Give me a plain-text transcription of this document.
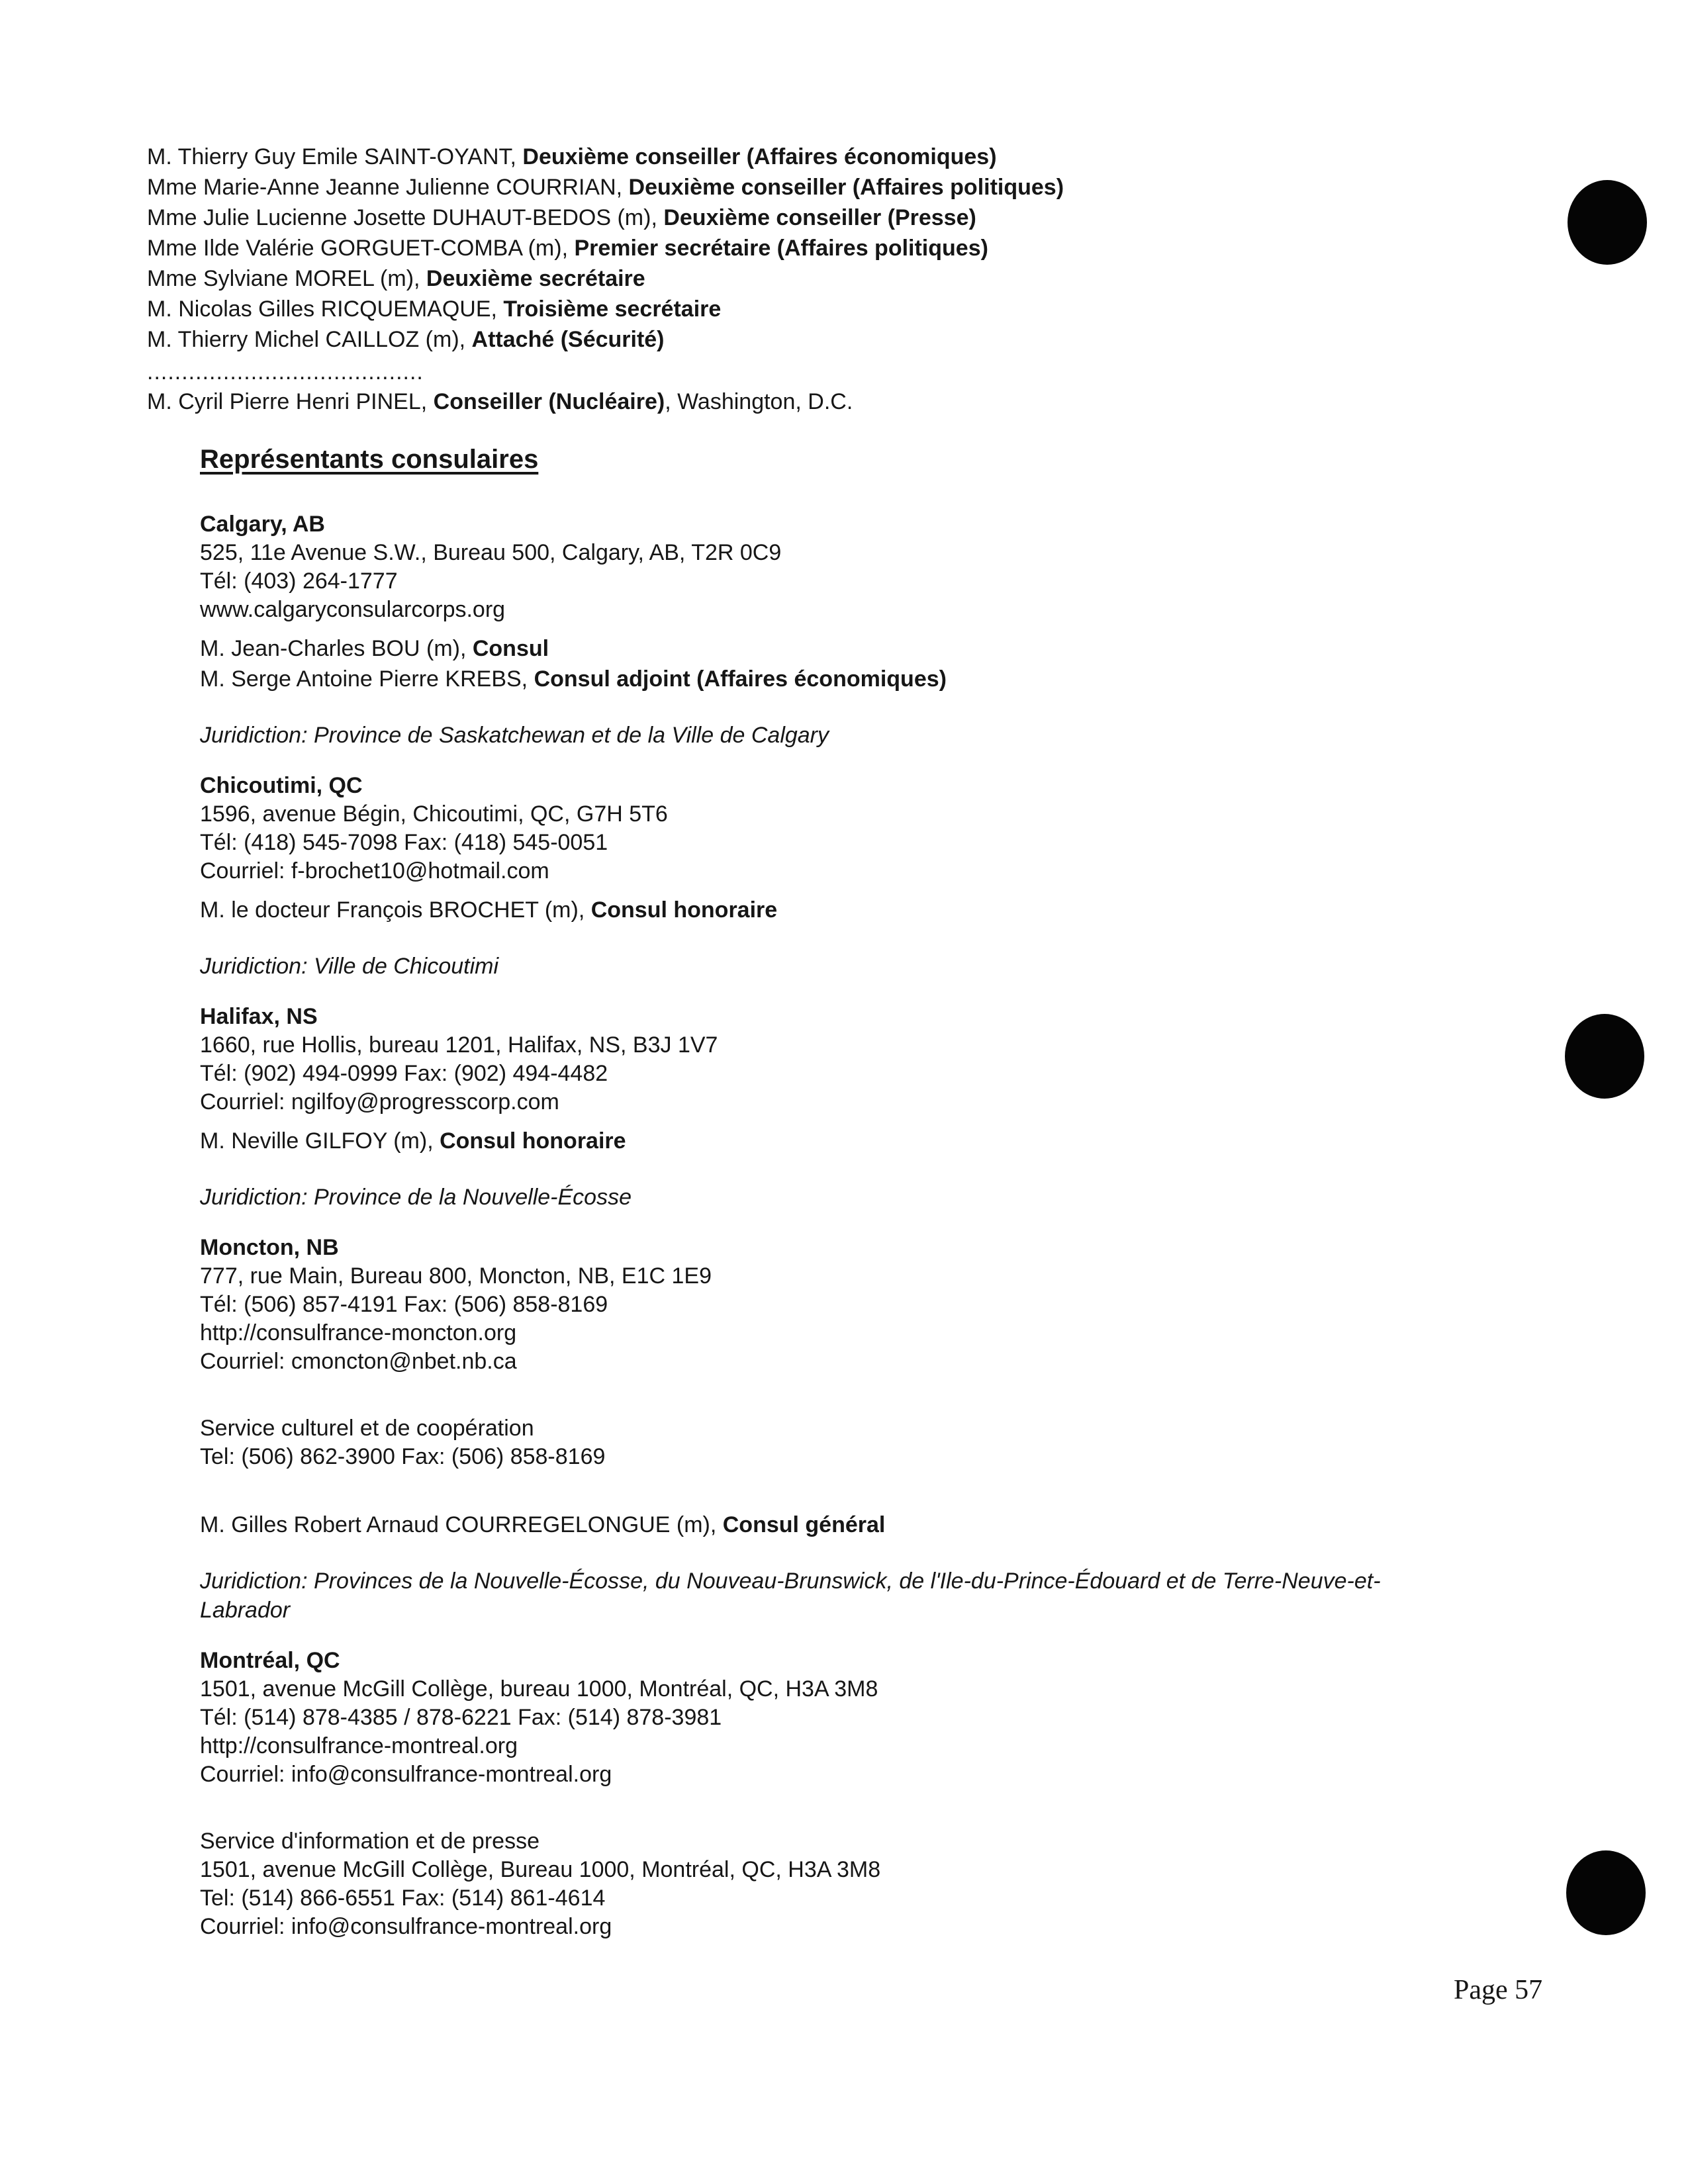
M. Thierry Guy Emile SAINT-OYANT, Deuxième conseiller (Affaires économiques)
Mme Marie-Anne Jeanne Julienne COURRIAN, Deuxième conseiller (Affaires politiques)
Mme Julie Lucienne Josette DUHAUT-BEDOS (m), Deuxième conseiller (Presse)
Mme Ilde Valérie GORGUET-COMBA (m), Premier secrétaire (Affaires politiques)
Mme Sylviane MOREL (m), Deuxième secrétaire
M. Nicolas Gilles RICQUEMAQUE, Troisième secrétaire
M. Thierry Michel CAILLOZ (m), Attaché (Sécurité)
........................................
M. Cyril Pierre Henri PINEL, Conseiller (Nucléaire), Washington, D.C.
Représentants consulaires
Calgary, AB
525, 11e Avenue S.W., Bureau 500, Calgary, AB, T2R 0C9
Tél: (403) 264-1777
www.calgaryconsularcorps.org
M. Jean-Charles BOU (m), Consul
M. Serge Antoine Pierre KREBS, Consul adjoint (Affaires économiques)
Juridiction: Province de Saskatchewan et de la Ville de Calgary
Chicoutimi, QC
1596, avenue Bégin, Chicoutimi, QC, G7H 5T6
Tél: (418) 545-7098 Fax: (418) 545-0051
Courriel: f-brochet10@hotmail.com
M. le docteur François BROCHET (m), Consul honoraire
Juridiction: Ville de Chicoutimi
Halifax, NS
1660, rue Hollis, bureau 1201, Halifax, NS, B3J 1V7
Tél: (902) 494-0999 Fax: (902) 494-4482
Courriel: ngilfoy@progresscorp.com
M. Neville GILFOY (m), Consul honoraire
Juridiction: Province de la Nouvelle-Écosse
Moncton, NB
777, rue Main, Bureau 800, Moncton, NB, E1C 1E9
Tél: (506) 857-4191 Fax: (506) 858-8169
http://consulfrance-moncton.org
Courriel: cmoncton@nbet.nb.ca
Service culturel et de coopération
Tel: (506) 862-3900 Fax: (506) 858-8169
M. Gilles Robert Arnaud COURREGELONGUE (m), Consul général
Juridiction: Provinces de la Nouvelle-Écosse, du Nouveau-Brunswick, de l'Ile-du-Prince-Édouard et de Terre-Neuve-et-
Labrador
Montréal, QC
1501, avenue McGill Collège, bureau 1000, Montréal, QC, H3A 3M8
Tél: (514) 878-4385 / 878-6221 Fax: (514) 878-3981
http://consulfrance-montreal.org
Courriel: info@consulfrance-montreal.org
Service d'information et de presse
1501, avenue McGill Collège, Bureau 1000, Montréal, QC, H3A 3M8
Tel: (514) 866-6551 Fax: (514) 861-4614
Courriel: info@consulfrance-montreal.org
Page 57
